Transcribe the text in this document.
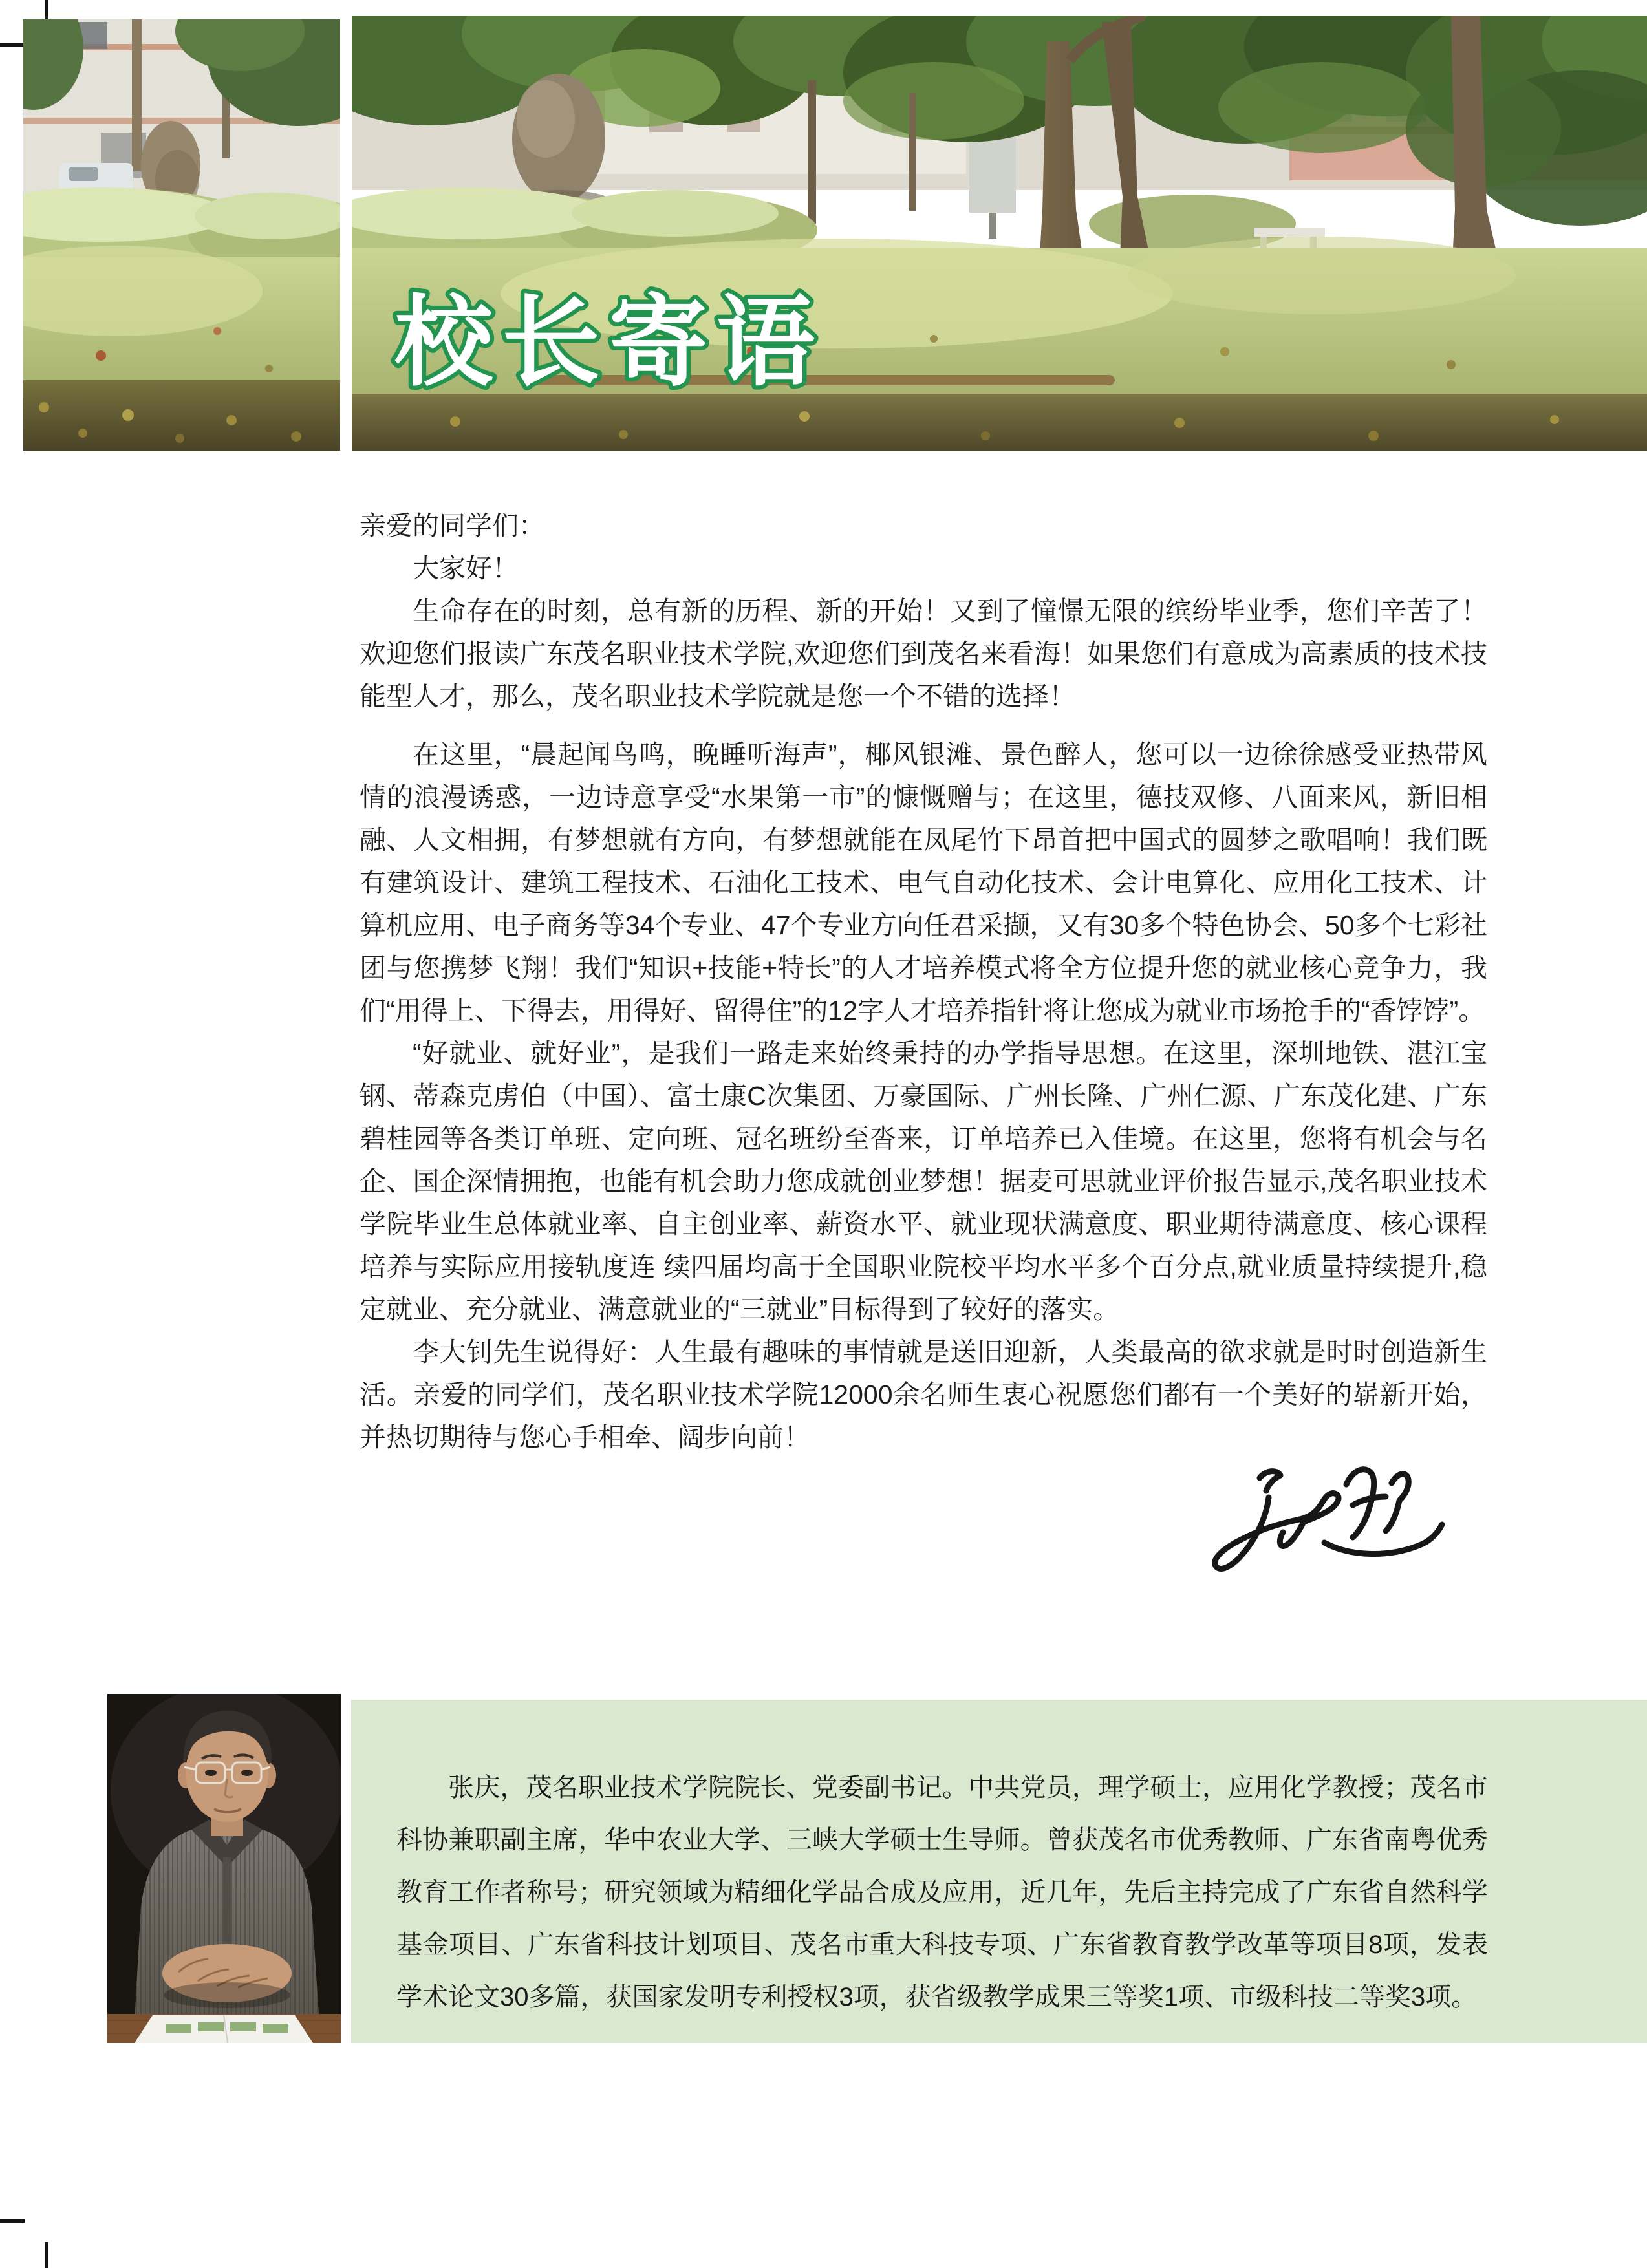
校长寄语

亲爱的同学们：

大家好！

生命存在的时刻，总有新的历程、新的开始！又到了憧憬无限的缤纷毕业季，您们辛苦了！欢迎您们报读广东茂名职业技术学院,欢迎您们到茂名来看海！如果您们有意成为高素质的技术技能型人才，那么，茂名职业技术学院就是您一个不错的选择！

在这里，“晨起闻鸟鸣，晚睡听海声”，椰风银滩、景色醉人，您可以一边徐徐感受亚热带风情的浪漫诱惑，一边诗意享受“水果第一市”的慷慨赠与；在这里，德技双修、八面来风，新旧相融、人文相拥，有梦想就有方向，有梦想就能在凤尾竹下昂首把中国式的圆梦之歌唱响！我们既有建筑设计、建筑工程技术、石油化工技术、电气自动化技术、会计电算化、应用化工技术、计算机应用、电子商务等34个专业、47个专业方向任君采撷，又有30多个特色协会、50多个七彩社团与您携梦飞翔！我们“知识+技能+特长”的人才培养模式将全方位提升您的就业核心竞争力，我们“用得上、下得去，用得好、留得住”的12字人才培养指针将让您成为就业市场抢手的“香饽饽”。

“好就业、就好业”，是我们一路走来始终秉持的办学指导思想。在这里，深圳地铁、湛江宝钢、蒂森克虏伯（中国）、富士康C次集团、万豪国际、广州长隆、广州仁源、广东茂化建、广东碧桂园等各类订单班、定向班、冠名班纷至沓来，订单培养已入佳境。在这里，您将有机会与名企、国企深情拥抱，也能有机会助力您成就创业梦想！据麦可思就业评价报告显示,茂名职业技术学院毕业生总体就业率、自主创业率、薪资水平、就业现状满意度、职业期待满意度、核心课程培养与实际应用接轨度连 续四届均高于全国职业院校平均水平多个百分点,就业质量持续提升,稳定就业、充分就业、满意就业的“三就业”目标得到了较好的落实。

李大钊先生说得好：人生最有趣味的事情就是送旧迎新，人类最高的欲求就是时时创造新生活。亲爱的同学们，茂名职业技术学院12000余名师生衷心祝愿您们都有一个美好的崭新开始，并热切期待与您心手相牵、阔步向前！

张庆，茂名职业技术学院院长、党委副书记。中共党员，理学硕士，应用化学教授；茂名市科协兼职副主席，华中农业大学、三峡大学硕士生导师。曾获茂名市优秀教师、广东省南粤优秀教育工作者称号；研究领域为精细化学品合成及应用，近几年，先后主持完成了广东省自然科学基金项目、广东省科技计划项目、茂名市重大科技专项、广东省教育教学改革等项目8项，发表学术论文30多篇，获国家发明专利授权3项，获省级教学成果三等奖1项、市级科技二等奖3项。
